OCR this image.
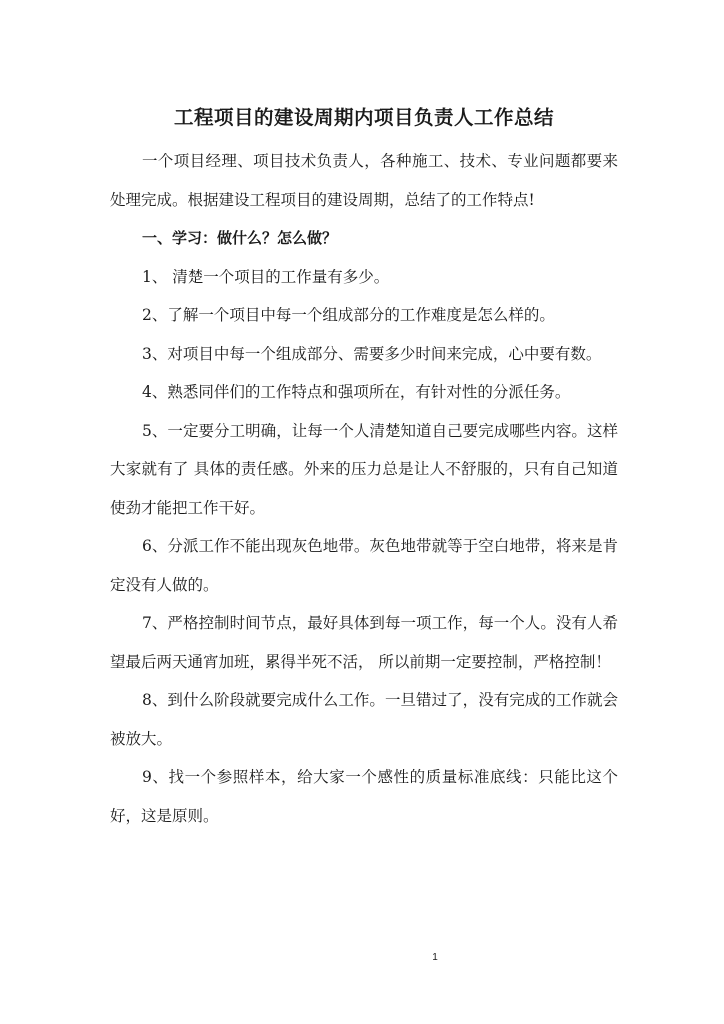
工程项目的建设周期内项目负责人工作总结

一个项目经理、项目技术负责人，各种施工、技术、专业问题都要来处理完成。根据建设工程项目的建设周期，总结了的工作特点!

一、学习：做什么？怎么做？

1、 清楚一个项目的工作量有多少。

2、了解一个项目中每一个组成部分的工作难度是怎么样的。

3、对项目中每一个组成部分、需要多少时间来完成，心中要有数。

4、熟悉同伴们的工作特点和强项所在，有针对性的分派任务。

5、一定要分工明确，让每一个人清楚知道自己要完成哪些内容。这样大家就有了 具体的责任感。外来的压力总是让人不舒服的，只有自己知道使劲才能把工作干好。

6、分派工作不能出现灰色地带。灰色地带就等于空白地带，将来是肯定没有人做的。

7、严格控制时间节点，最好具体到每一项工作，每一个人。没有人希望最后两天通宵加班，累得半死不活， 所以前期一定要控制，严格控制！

8、到什么阶段就要完成什么工作。一旦错过了，没有完成的工作就会被放大。

9、找一个参照样本，给大家一个感性的质量标准底线：只能比这个好，这是原则。

1
